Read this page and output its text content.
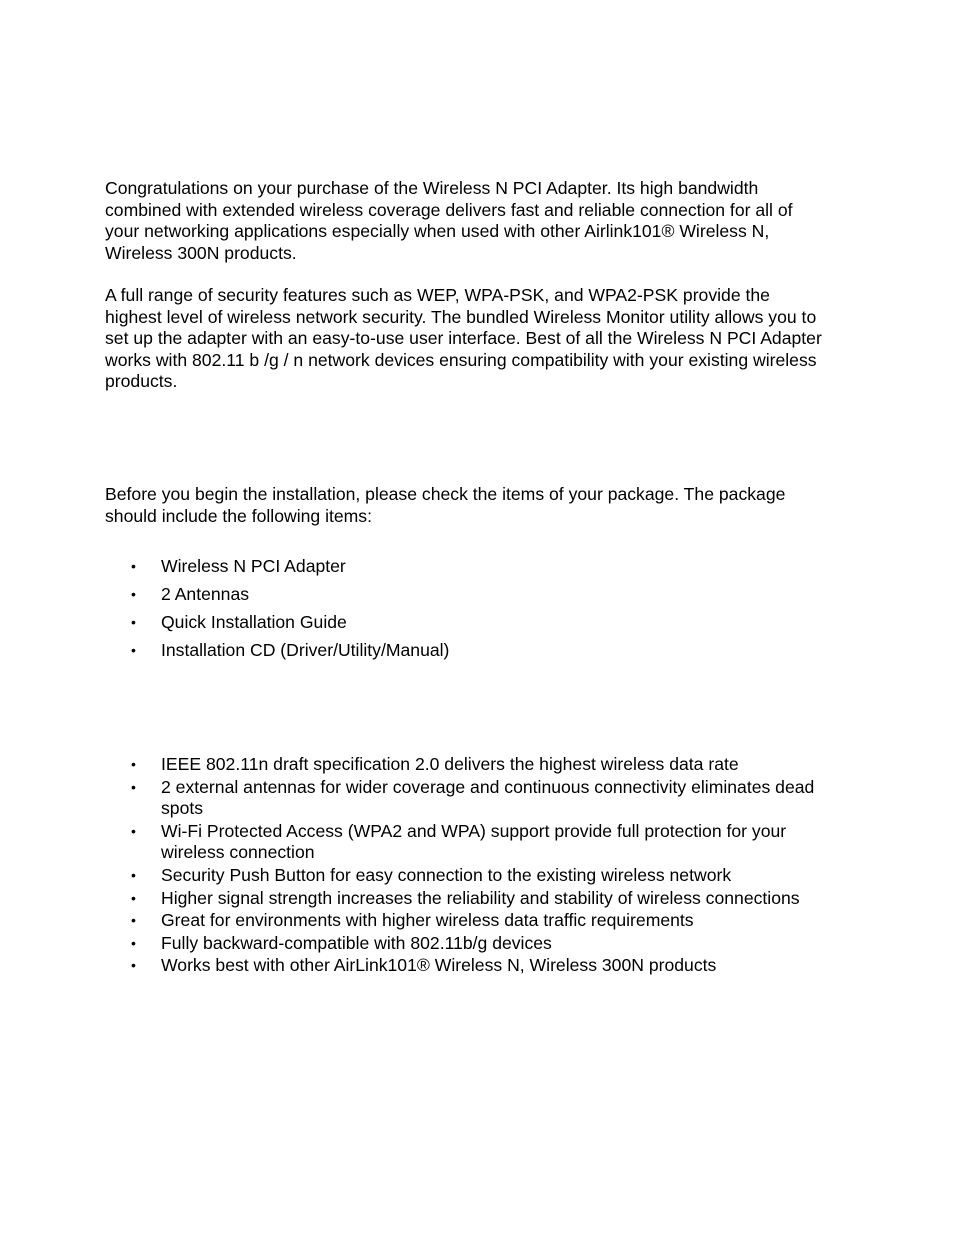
Congratulations on your purchase of the Wireless N PCI Adapter. Its high bandwidth combined with extended wireless coverage delivers fast and reliable connection for all of your networking applications especially when used with other Airlink101® Wireless N, Wireless 300N products.

A full range of security features such as WEP, WPA-PSK, and WPA2-PSK provide the highest level of wireless network security. The bundled Wireless Monitor utility allows you to set up the adapter with an easy-to-use user interface. Best of all the Wireless N PCI Adapter works with 802.11 b /g / n network devices ensuring compatibility with your existing wireless products.

Before you begin the installation, please check the items of your package. The package should include the following items:

• Wireless N PCI Adapter
• 2 Antennas
• Quick Installation Guide
• Installation CD (Driver/Utility/Manual)
• IEEE 802.11n draft specification 2.0 delivers the highest wireless data rate
• 2 external antennas for wider coverage and continuous connectivity eliminates dead spots
• Wi-Fi Protected Access (WPA2 and WPA) support provide full protection for your wireless connection
• Security Push Button for easy connection to the existing wireless network
• Higher signal strength increases the reliability and stability of wireless connections
• Great for environments with higher wireless data traffic requirements
• Fully backward-compatible with 802.11b/g devices
• Works best with other AirLink101® Wireless N, Wireless 300N products
